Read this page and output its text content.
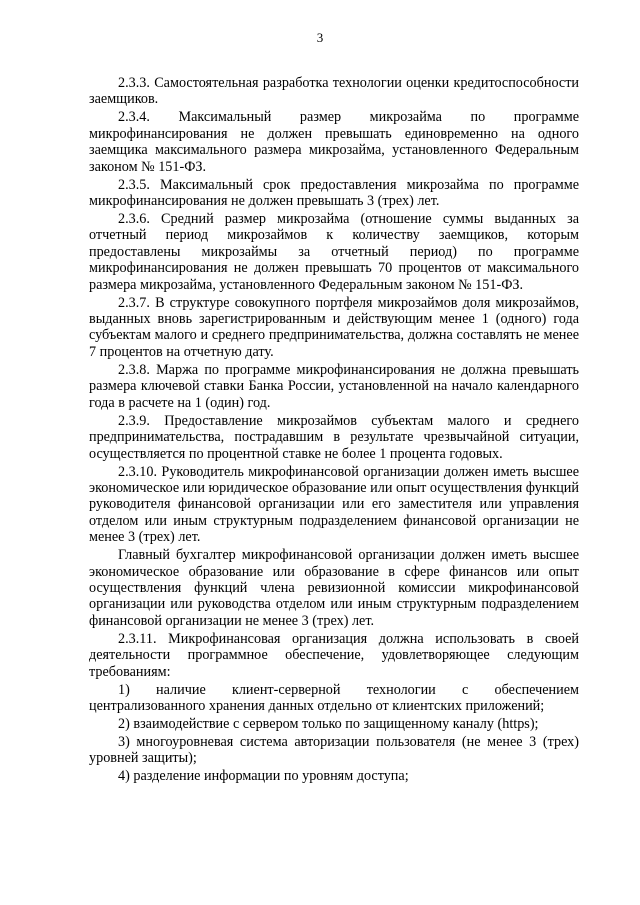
3

2.3.3. Самостоятельная разработка технологии оценки кредитоспособности заемщиков.

2.3.4. Максимальный размер микрозайма по программе микрофинансирования не должен превышать единовременно на одного заемщика максимального размера микрозайма, установленного Федеральным законом № 151-ФЗ.

2.3.5. Максимальный срок предоставления микрозайма по программе микрофинансирования не должен превышать 3 (трех) лет.

2.3.6. Средний размер микрозайма (отношение суммы выданных за отчетный период микрозаймов к количеству заемщиков, которым предоставлены микрозаймы за отчетный период) по программе микрофинансирования не должен превышать 70 процентов от максимального размера микрозайма, установленного Федеральным законом № 151-ФЗ.

2.3.7. В структуре совокупного портфеля микрозаймов доля микрозаймов, выданных вновь зарегистрированным и действующим менее 1 (одного) года субъектам малого и среднего предпринимательства, должна составлять не менее 7 процентов на отчетную дату.

2.3.8. Маржа по программе микрофинансирования не должна превышать размера ключевой ставки Банка России, установленной на начало календарного года в расчете на 1 (один) год.

2.3.9. Предоставление микрозаймов субъектам малого и среднего предпринимательства, пострадавшим в результате чрезвычайной ситуации, осуществляется по процентной ставке не более 1 процента годовых.

2.3.10. Руководитель микрофинансовой организации должен иметь высшее экономическое или юридическое образование или опыт осуществления функций руководителя финансовой организации или его заместителя или управления отделом или иным структурным подразделением финансовой организации не менее 3 (трех) лет.

Главный бухгалтер микрофинансовой организации должен иметь высшее экономическое образование или образование в сфере финансов или опыт осуществления функций члена ревизионной комиссии микрофинансовой организации или руководства отделом или иным структурным подразделением финансовой организации не менее 3 (трех) лет.

2.3.11. Микрофинансовая организация должна использовать в своей деятельности программное обеспечение, удовлетворяющее следующим требованиям:

1) наличие клиент-серверной технологии с обеспечением централизованного хранения данных отдельно от клиентских приложений;

2) взаимодействие с сервером только по защищенному каналу (https);

3) многоуровневая система авторизации пользователя (не менее 3 (трех) уровней защиты);

4) разделение информации по уровням доступа;
